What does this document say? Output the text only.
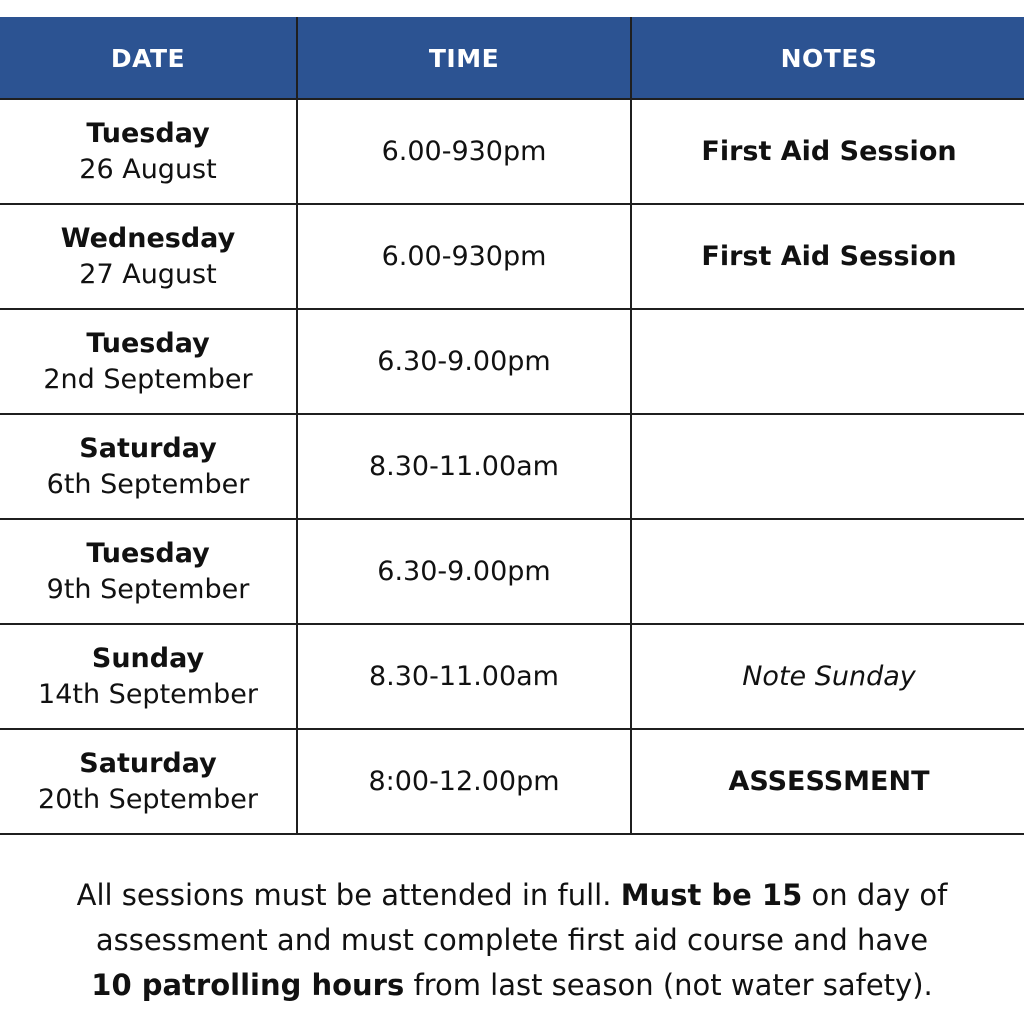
DATE	TIME	NOTES

Tuesday
26 August	6.00-930pm	First Aid Session

Wednesday
27 August	6.00-930pm	First Aid Session

Tuesday
2nd September	6.30-9.00pm	

Saturday
6th September	8.30-11.00am	

Tuesday
9th September	6.30-9.00pm	

Sunday
14th September	8.30-11.00am	Note Sunday

Saturday
20th September	8:00-12.00pm	ASSESSMENT
All sessions must be attended in full. Must be 15 on day of assessment and must complete first aid course and have
10 patrolling hours from last season (not water safety).
